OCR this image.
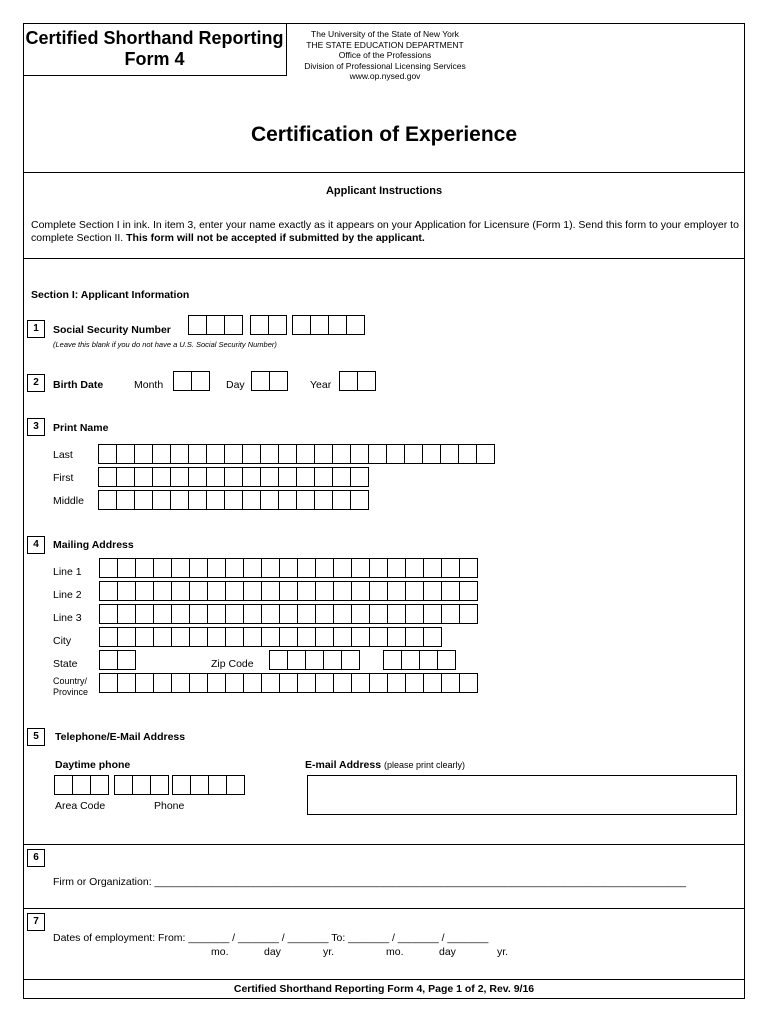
Certified Shorthand Reporting
Form 4
The University of the State of New York
THE STATE EDUCATION DEPARTMENT
Office of the Professions
Division of Professional Licensing Services
www.op.nysed.gov
Certification of Experience
Applicant Instructions
Complete Section I in ink. In item 3, enter your name exactly as it appears on your Application for Licensure (Form 1). Send this form to your employer to complete Section II. This form will not be accepted if submitted by the applicant.
Section I: Applicant Information
1	Social Security Number
(Leave this blank if you do not have a U.S. Social Security Number)
2	Birth Date	Month	Day	Year
3	Print Name
Last
First
Middle
4	Mailing Address
Line 1
Line 2
Line 3
City
State	Zip Code
Country/
Province
5	Telephone/E-Mail Address
Daytime phone
Area Code	Phone
E-mail Address (please print clearly)
6
Firm or Organization: ___________________________________________________________________________________________
7
Dates of employment: From: _______ / _______ / _______ To: _______ / _______ / _______
mo.	day	yr.	mo.	day	yr.
Certified Shorthand Reporting Form 4, Page 1 of 2, Rev. 9/16
